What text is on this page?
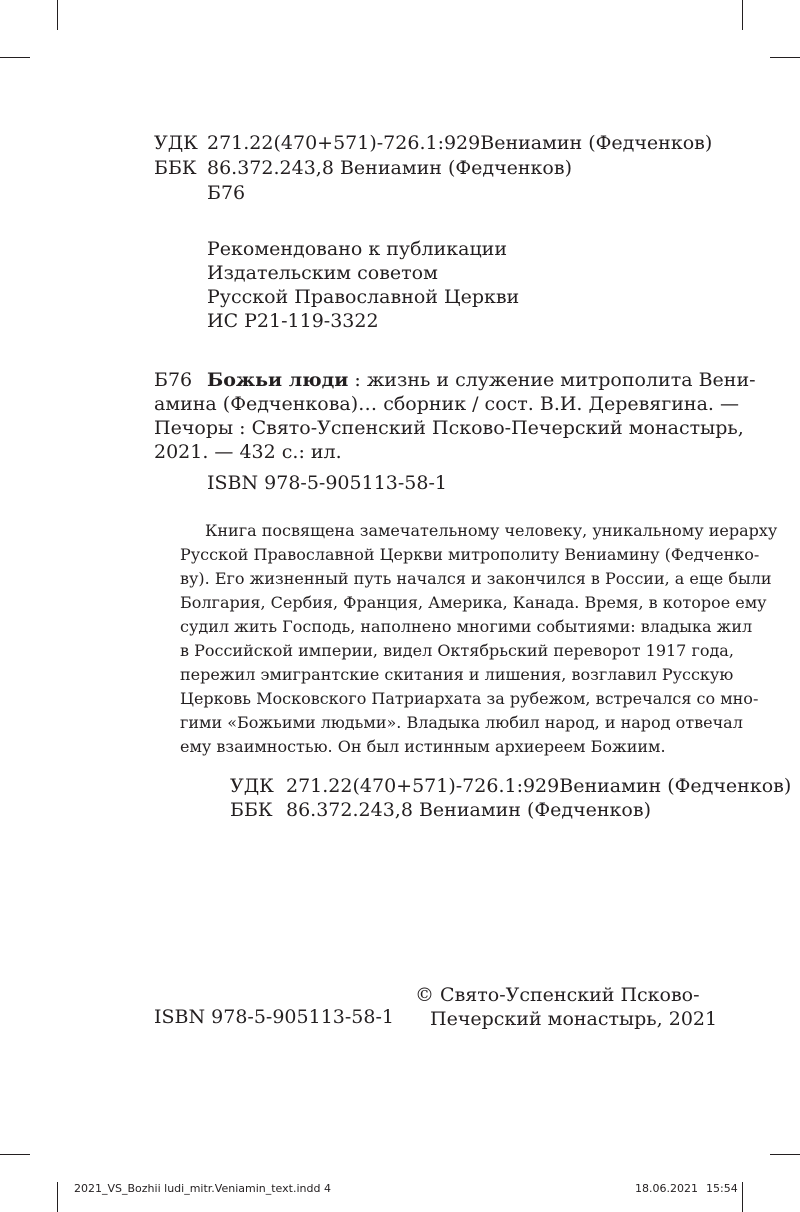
УДК 271.22(470+571)-726.1:929Вениамин (Федченков)
ББК 86.372.243,8 Вениамин (Федченков)
Б76
Рекомендовано к публикации
Издательским советом
Русской Православной Церкви
ИС Р21-119-3322
Б76 Божьи люди : жизнь и служение митрополита Вени-
амина (Федченкова)… сборник / сост. В.И. Деревягина. —
Печоры : Свято-Успенский Псково-Печерский монастырь,
2021. — 432 с.: ил.
ISBN 978-5-905113-58-1
Книга посвящена замечательному человеку, уникальному иерарху
Русской Православной Церкви митрополиту Вениамину (Федченко-
ву). Его жизненный путь начался и закончился в России, а еще были
Болгария, Сербия, Франция, Америка, Канада. Время, в которое ему
судил жить Господь, наполнено многими событиями: владыка жил
в Российской империи, видел Октябрьский переворот 1917 года,
пережил эмигрантские скитания и лишения, возглавил Русскую
Церковь Московского Патриархата за рубежом, встречался со мно-
гими «Божьими людьми». Владыка любил народ, и народ отвечал
ему взаимностью. Он был истинным архиереем Божиим.
УДК 271.22(470+571)-726.1:929Вениамин (Федченков)
ББК 86.372.243,8 Вениамин (Федченков)
ISBN 978-5-905113-58-1
© Свято-Успенский Псково-
Печерский монастырь, 2021
2021_VS_Bozhii ludi_mitr.Veniamin_text.indd 4	18.06.2021 15:54
